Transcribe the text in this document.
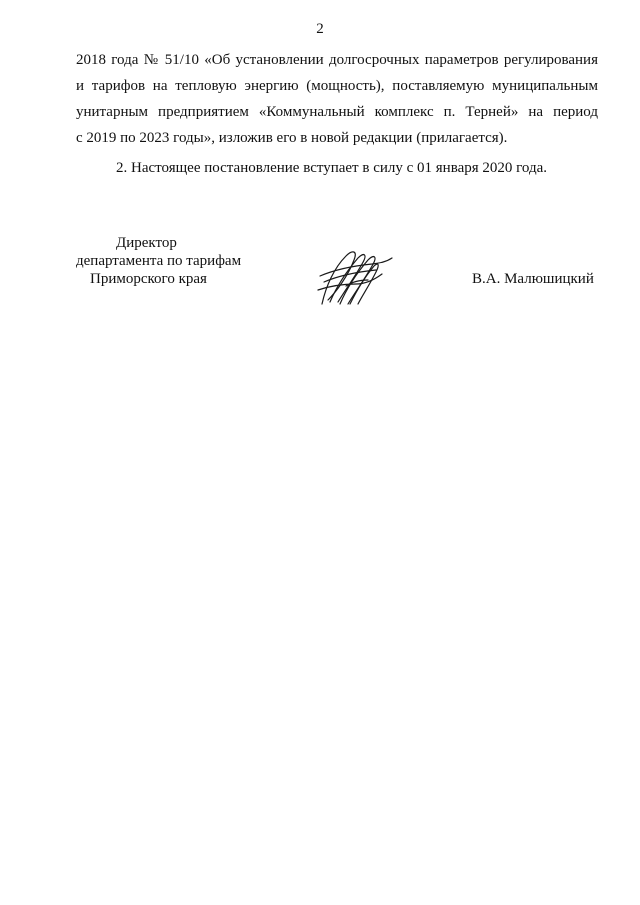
2
2018 года № 51/10 «Об установлении долгосрочных параметров регулирования
и тарифов на тепловую энергию (мощность), поставляемую муниципальным
унитарным предприятием «Коммунальный комплекс п. Терней» на период
с 2019 по 2023 годы», изложив его в новой редакции (прилагается).
2. Настоящее постановление вступает в силу с 01 января 2020 года.
Директор
департамента по тарифам
Приморского края	В.А. Малюшицкий
